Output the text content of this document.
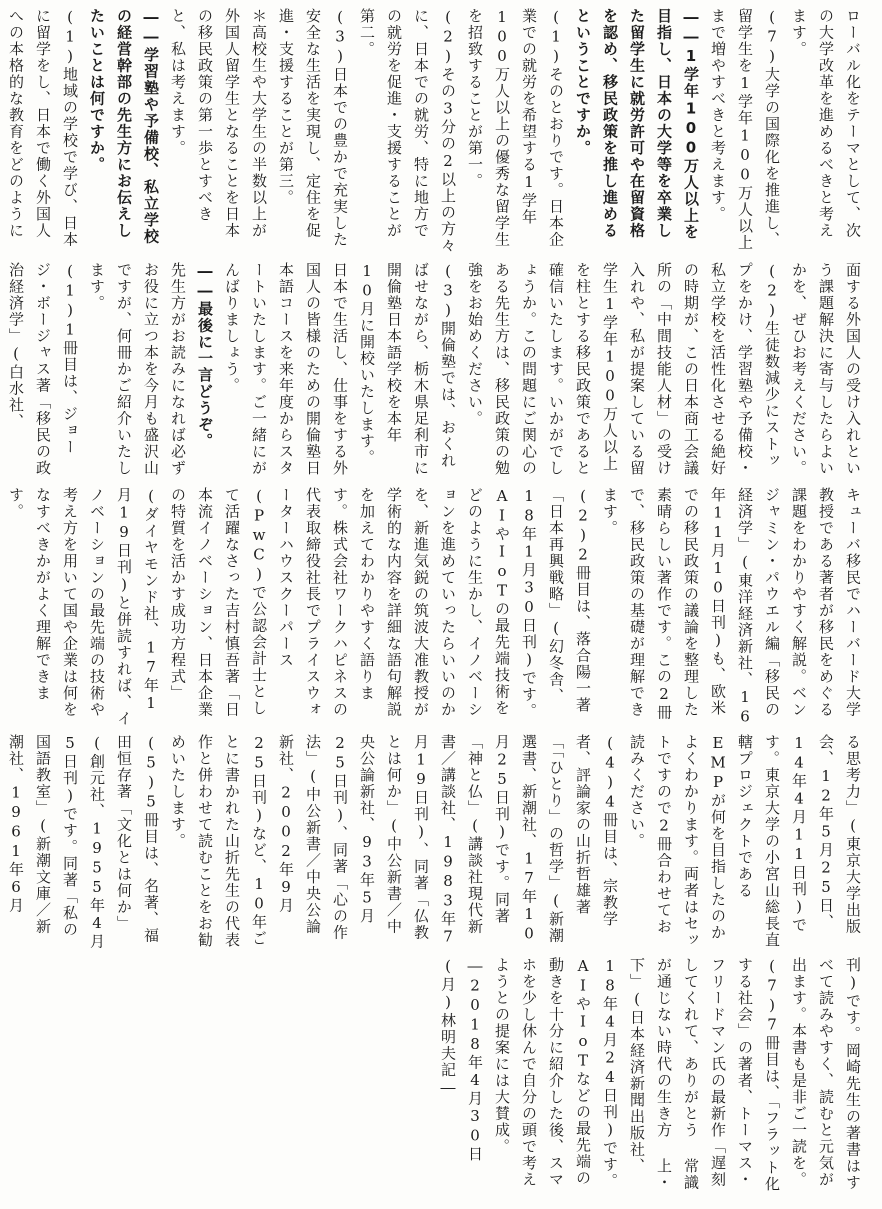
ローバル化をテーマとして、次の大学改革を進めるべきと考えます。
(7)大学の国際化を推進し、留学生を1学年100万人以上まで増やすべきと考えます。
――1学年100万人以上を目指し、日本の大学等を卒業した留学生に就労許可や在留資格を認め、移民政策を推し進めるということですか。
(1)そのとおりです。日本企業での就労を希望する1学年100万人以上の優秀な留学生を招致することが第一。
(2)その3分の2以上の方々に、日本での就労、特に地方での就労を促進・支援することが第二。
(3)日本での豊かで充実した安全な生活を実現し、定住を促進・支援することが第三。
＊高校生や大学生の半数以上が外国人留学生となることを日本の移民政策の第一歩とすべきと、私は考えます。
――学習塾や予備校、私立学校の経営幹部の先生方にお伝えしたいことは何ですか。
(1)地域の学校で学び、日本に留学をし、日本で働く外国人への本格的な教育をどのように
面する外国人の受け入れという課題解決に寄与したらよいかを、ぜひお考えください。
(2)生徒数減少にストップをかけ、学習塾や予備校・私立学校を活性化させる絶好の時期が、この日本商工会議所の「中間技能人材」の受け入れや、私が提案している留学生1学年100万人以上を柱とする移民政策であると確信いたします。いかがでしょうか。この問題にご関心のある先生方は、移民政策の勉強をお始めください。
(3)開倫塾では、おくればせながら、栃木県足利市に開倫塾日本語学校を本年10月に開校いたします。日本で生活し、仕事をする外国人の皆様のための開倫塾日本語コースを来年度からスタートいたします。ご一緒にがんばりましょう。
――最後に一言どうぞ。
先生方がお読みになれば必ずお役に立つ本を今月も盛沢山ですが、何冊かご紹介いたします。
(1)1冊目は、ジョージ・ボージャス著「移民の政治経済学」(白水社、
キューバ移民でハーバード大学教授である著者が移民をめぐる課題をわかりやすく解説。ベンジャミン・パウエル編「移民の経済学」(東洋経済新社、16年11月10日刊)も、欧米での移民政策の議論を整理した素晴らしい著作です。この2冊で、移民政策の基礎が理解できます。
(2)2冊目は、落合陽一著「日本再興戦略」(幻冬舎、18年1月30日刊)です。AIやIoTの最先端技術をどのように生かし、イノベーションを進めていったらいいのかを、新進気鋭の筑波大准教授が学術的な内容を詳細な語句解説を加えてわかりやすく語ります。株式会社ワークハピネスの代表取締役社長でプライスウォーターハウスクーパース(PwC)で公認会計士として活躍なさった吉村慎吾著「日本流イノベーション、日本企業の特質を活かす成功方程式」(ダイヤモンド社、17年1月19日刊)と併読すれば、イノベーションの最先端の技術や考え方を用いて国や企業は何をなすべきかがよく理解できます。
る思考力」(東京大学出版会、12年5月25日、14年4月11日刊)です。東京大学の小宮山総長直轄プロジェクトであるEMPが何を目指したのかよくわかります。両者はセットですので2冊合わせてお読みください。
(4)4冊目は、宗教学者、評論家の山折哲雄著「「ひとり」の哲学」(新潮選書、新潮社、17年10月25日刊)です。同著「神と仏」(講談社現代新書／講談社、1983年7月19日刊)、同著「仏教とは何か」(中公新書／中央公論新社、93年5月25日刊)、同著「心の作法」(中公新書／中央公論新社、2002年9月25日刊)など、10年ごとに書かれた山折先生の代表作と併わせて読むことをお勧めいたします。
(5)5冊目は、名著、福田恒存著「文化とは何か」(創元社、1955年4月5日刊)です。同著「私の国語教室」(新潮文庫／新潮社、1961年6月
刊)です。岡崎先生の著書はすべて読みやすく、読むと元気が出ます。本書も是非ご一読を。
(7)7冊目は、「フラット化する社会」の著者、トーマス・フリードマン氏の最新作「遅刻してくれて、ありがとう 常識が通じない時代の生き方 上・下」(日本経済新聞出版社、18年4月24日刊)です。AIやIoTなどの最先端の動きを十分に紹介した後、スマホを少し休んで自分の頭で考えようとの提案には大賛成。
―2018年4月30日(月)林明夫記―
